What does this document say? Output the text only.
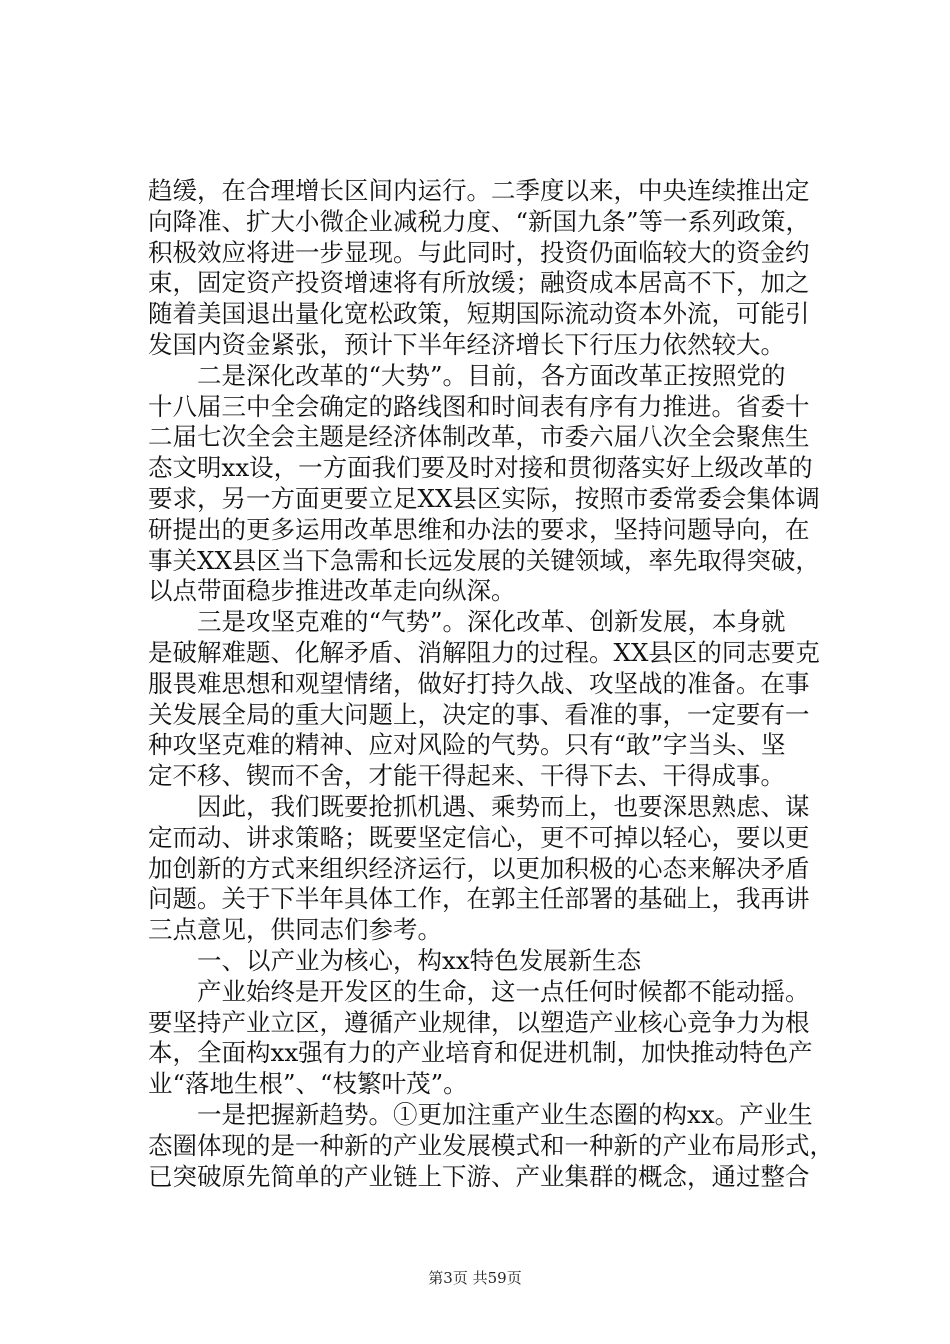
趋缓，在合理增长区间内运行。二季度以来，中央连续推出定
向降准、扩大小微企业减税力度、“新国九条”等一系列政策，
积极效应将进一步显现。与此同时，投资仍面临较大的资金约
束，固定资产投资增速将有所放缓；融资成本居高不下，加之
随着美国退出量化宽松政策，短期国际流动资本外流，可能引
发国内资金紧张，预计下半年经济增长下行压力依然较大。
　　二是深化改革的“大势”。目前，各方面改革正按照党的
十八届三中全会确定的路线图和时间表有序有力推进。省委十
二届七次全会主题是经济体制改革，市委六届八次全会聚焦生
态文明xx设，一方面我们要及时对接和贯彻落实好上级改革的
要求，另一方面更要立足XX县区实际，按照市委常委会集体调
研提出的更多运用改革思维和办法的要求，坚持问题导向，在
事关XX县区当下急需和长远发展的关键领域，率先取得突破，
以点带面稳步推进改革走向纵深。
　　三是攻坚克难的“气势”。深化改革、创新发展，本身就
是破解难题、化解矛盾、消解阻力的过程。XX县区的同志要克
服畏难思想和观望情绪，做好打持久战、攻坚战的准备。在事
关发展全局的重大问题上，决定的事、看准的事，一定要有一
种攻坚克难的精神、应对风险的气势。只有“敢”字当头、坚
定不移、锲而不舍，才能干得起来、干得下去、干得成事。
　　因此，我们既要抢抓机遇、乘势而上，也要深思熟虑、谋
定而动、讲求策略；既要坚定信心，更不可掉以轻心，要以更
加创新的方式来组织经济运行，以更加积极的心态来解决矛盾
问题。关于下半年具体工作，在郭主任部署的基础上，我再讲
三点意见，供同志们参考。
　　一、以产业为核心，构xx特色发展新生态
　　产业始终是开发区的生命，这一点任何时候都不能动摇。
要坚持产业立区，遵循产业规律，以塑造产业核心竞争力为根
本，全面构xx强有力的产业培育和促进机制，加快推动特色产
业“落地生根”、“枝繁叶茂”。
　　一是把握新趋势。①更加注重产业生态圈的构xx。产业生
态圈体现的是一种新的产业发展模式和一种新的产业布局形式，
已突破原先简单的产业链上下游、产业集群的概念，通过整合
第3页 共59页
